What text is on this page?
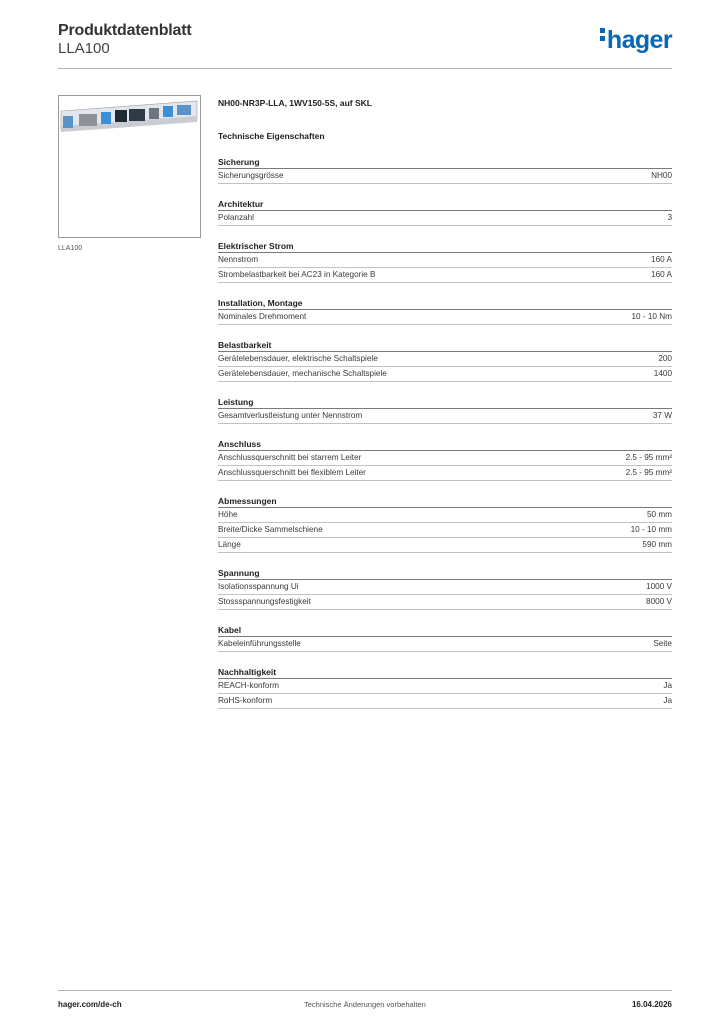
Produktdatenblatt
LLA100	hager
LLA100
NH00-NR3P-LLA, 1WV150-5S, auf SKL
Technische Eigenschaften
Sicherung
Sicherungsgrösse	NH00
Architektur
Polanzahl	3
Elektrischer Strom
Nennstrom	160 A
Strombelastbarkeit bei AC23 in Kategorie B	160 A
Installation, Montage
Nominales Drehmoment	10 - 10 Nm
Belastbarkeit
Gerätelebensdauer, elektrische Schaltspiele	200
Gerätelebensdauer, mechanische Schaltspiele	1400
Leistung
Gesamtverlustleistung unter Nennstrom	37 W
Anschluss
Anschlussquerschnitt bei starrem Leiter	2.5 - 95 mm²
Anschlussquerschnitt bei flexiblem Leiter	2.5 - 95 mm²
Abmessungen
Höhe	50 mm
Breite/Dicke Sammelschiene	10 - 10 mm
Länge	590 mm
Spannung
Isolationsspannung Ui	1000 V
Stossspannungsfestigkeit	8000 V
Kabel
Kabeleinführungsstelle	Seite
Nachhaltigkeit
REACH-konform	Ja
RoHS-konform	Ja
hager.com/de-ch	Technische Änderungen vorbehalten	16.04.2026
